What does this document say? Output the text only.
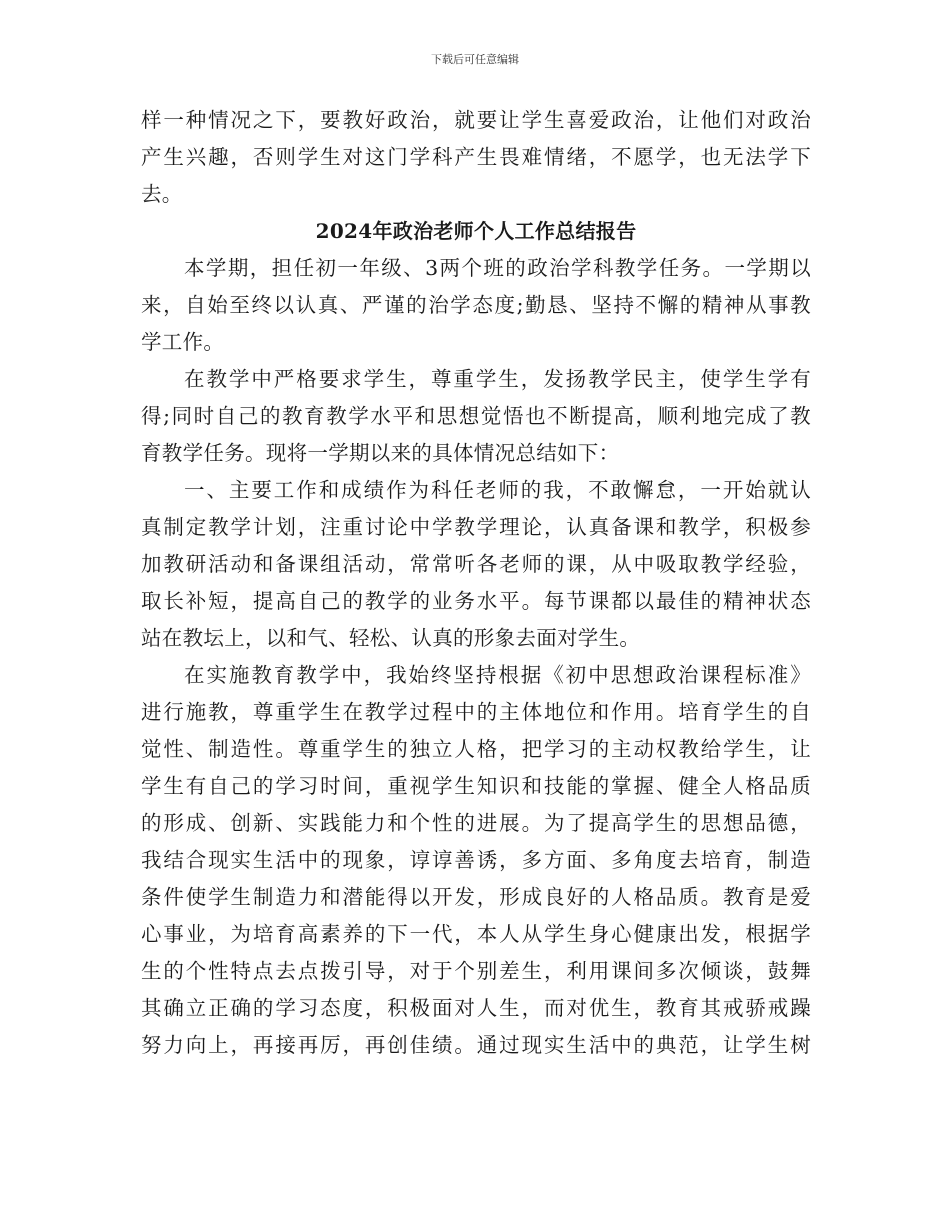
下载后可任意编辑
样一种情况之下，要教好政治，就要让学生喜爱政治，让他们对政治
产生兴趣，否则学生对这门学科产生畏难情绪，不愿学，也无法学下
去。
2024年政治老师个人工作总结报告
本学期，担任初一年级、3两个班的政治学科教学任务。一学期以
来，自始至终以认真、严谨的治学态度;勤恳、坚持不懈的精神从事教
学工作。
在教学中严格要求学生，尊重学生，发扬教学民主，使学生学有
得;同时自己的教育教学水平和思想觉悟也不断提高，顺利地完成了教
育教学任务。现将一学期以来的具体情况总结如下：
一、主要工作和成绩作为科任老师的我，不敢懈怠，一开始就认
真制定教学计划，注重讨论中学教学理论，认真备课和教学，积极参
加教研活动和备课组活动，常常听各老师的课，从中吸取教学经验，
取长补短，提高自己的教学的业务水平。每节课都以最佳的精神状态
站在教坛上，以和气、轻松、认真的形象去面对学生。
在实施教育教学中，我始终坚持根据《初中思想政治课程标准》
进行施教，尊重学生在教学过程中的主体地位和作用。培育学生的自
觉性、制造性。尊重学生的独立人格，把学习的主动权教给学生，让
学生有自己的学习时间，重视学生知识和技能的掌握、健全人格品质
的形成、创新、实践能力和个性的进展。为了提高学生的思想品德，
我结合现实生活中的现象，谆谆善诱，多方面、多角度去培育，制造
条件使学生制造力和潜能得以开发，形成良好的人格品质。教育是爱
心事业，为培育高素养的下一代，本人从学生身心健康出发，根据学
生的个性特点去点拨引导，对于个别差生，利用课间多次倾谈，鼓舞
其确立正确的学习态度，积极面对人生，而对优生，教育其戒骄戒躁
努力向上，再接再厉，再创佳绩。通过现实生活中的典范，让学生树
